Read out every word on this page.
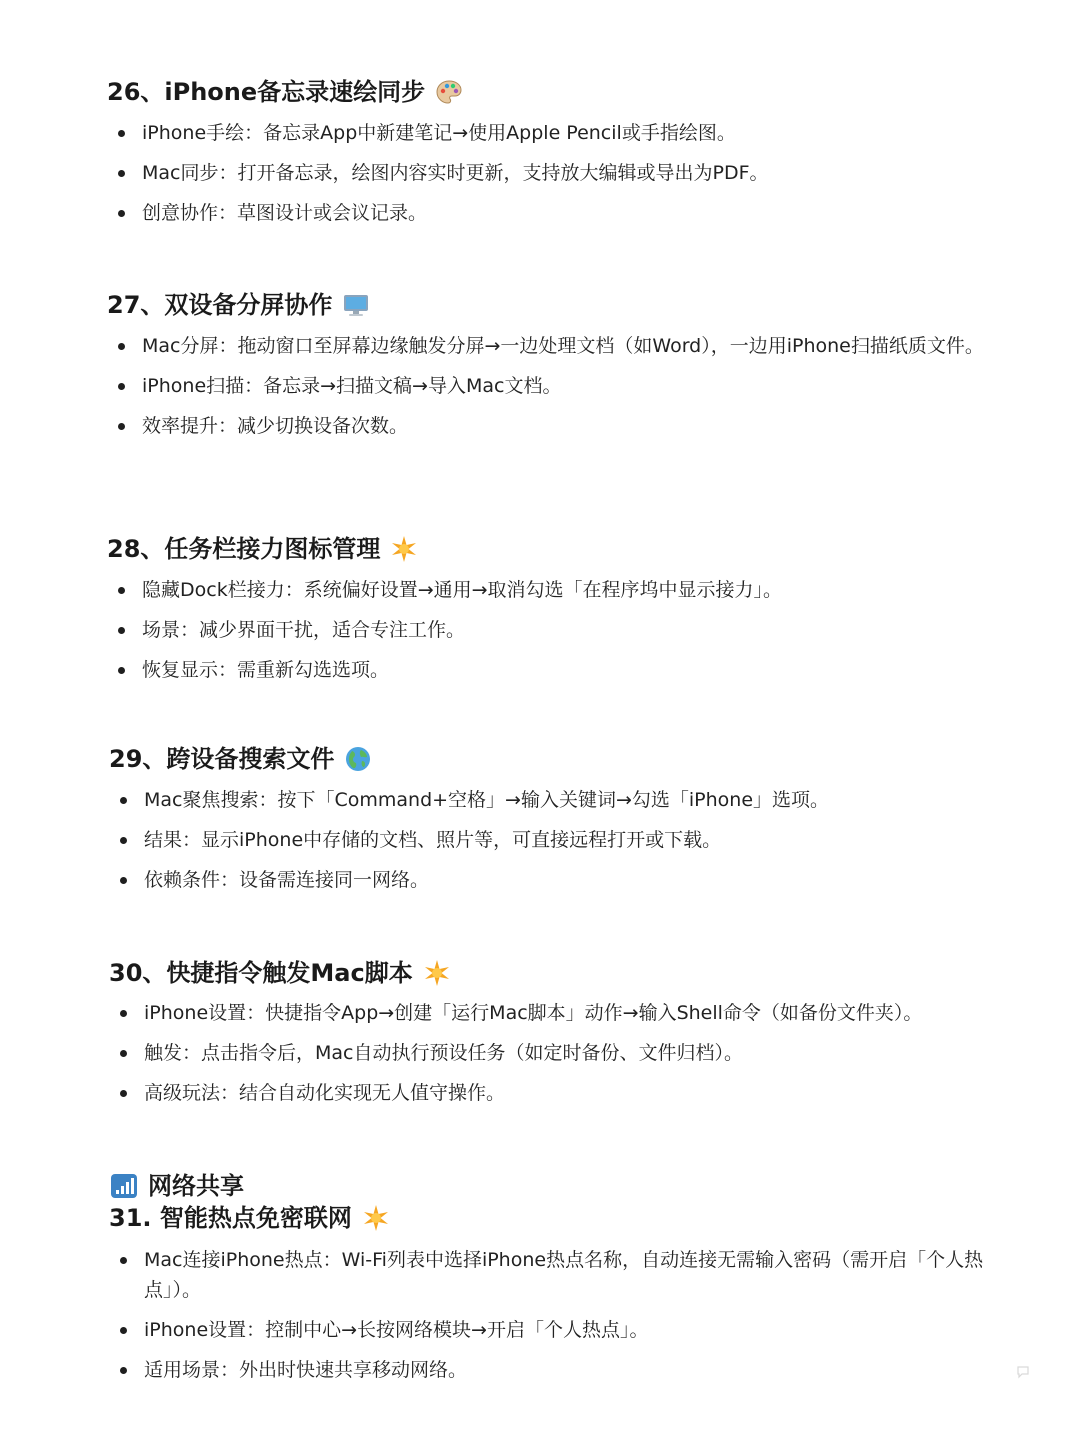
26、iPhone备忘录速绘同步
iPhone手绘：备忘录App中新建笔记→使用Apple Pencil或手指绘图。
Mac同步：打开备忘录，绘图内容实时更新，支持放大编辑或导出为PDF。
创意协作：草图设计或会议记录。
27、双设备分屏协作
Mac分屏：拖动窗口至屏幕边缘触发分屏→一边处理文档（如Word），一边用iPhone扫描纸质文件。
iPhone扫描：备忘录→扫描文稿→导入Mac文档。
效率提升：减少切换设备次数。
28、任务栏接力图标管理
隐藏Dock栏接力：系统偏好设置→通用→取消勾选「在程序坞中显示接力」。
场景：减少界面干扰，适合专注工作。
恢复显示：需重新勾选选项。
29、跨设备搜索文件
Mac聚焦搜索：按下「Command+空格」→输入关键词→勾选「iPhone」选项。
结果：显示iPhone中存储的文档、照片等，可直接远程打开或下载。
依赖条件：设备需连接同一网络。
30、快捷指令触发Mac脚本
iPhone设置：快捷指令App→创建「运行Mac脚本」动作→输入Shell命令（如备份文件夹）。
触发：点击指令后，Mac自动执行预设任务（如定时备份、文件归档）。
高级玩法：结合自动化实现无人值守操作。
网络共享
31. 智能热点免密联网
Mac连接iPhone热点：Wi-Fi列表中选择iPhone热点名称，自动连接无需输入密码（需开启「个人热点」）。
iPhone设置：控制中心→长按网络模块→开启「个人热点」。
适用场景：外出时快速共享移动网络。
